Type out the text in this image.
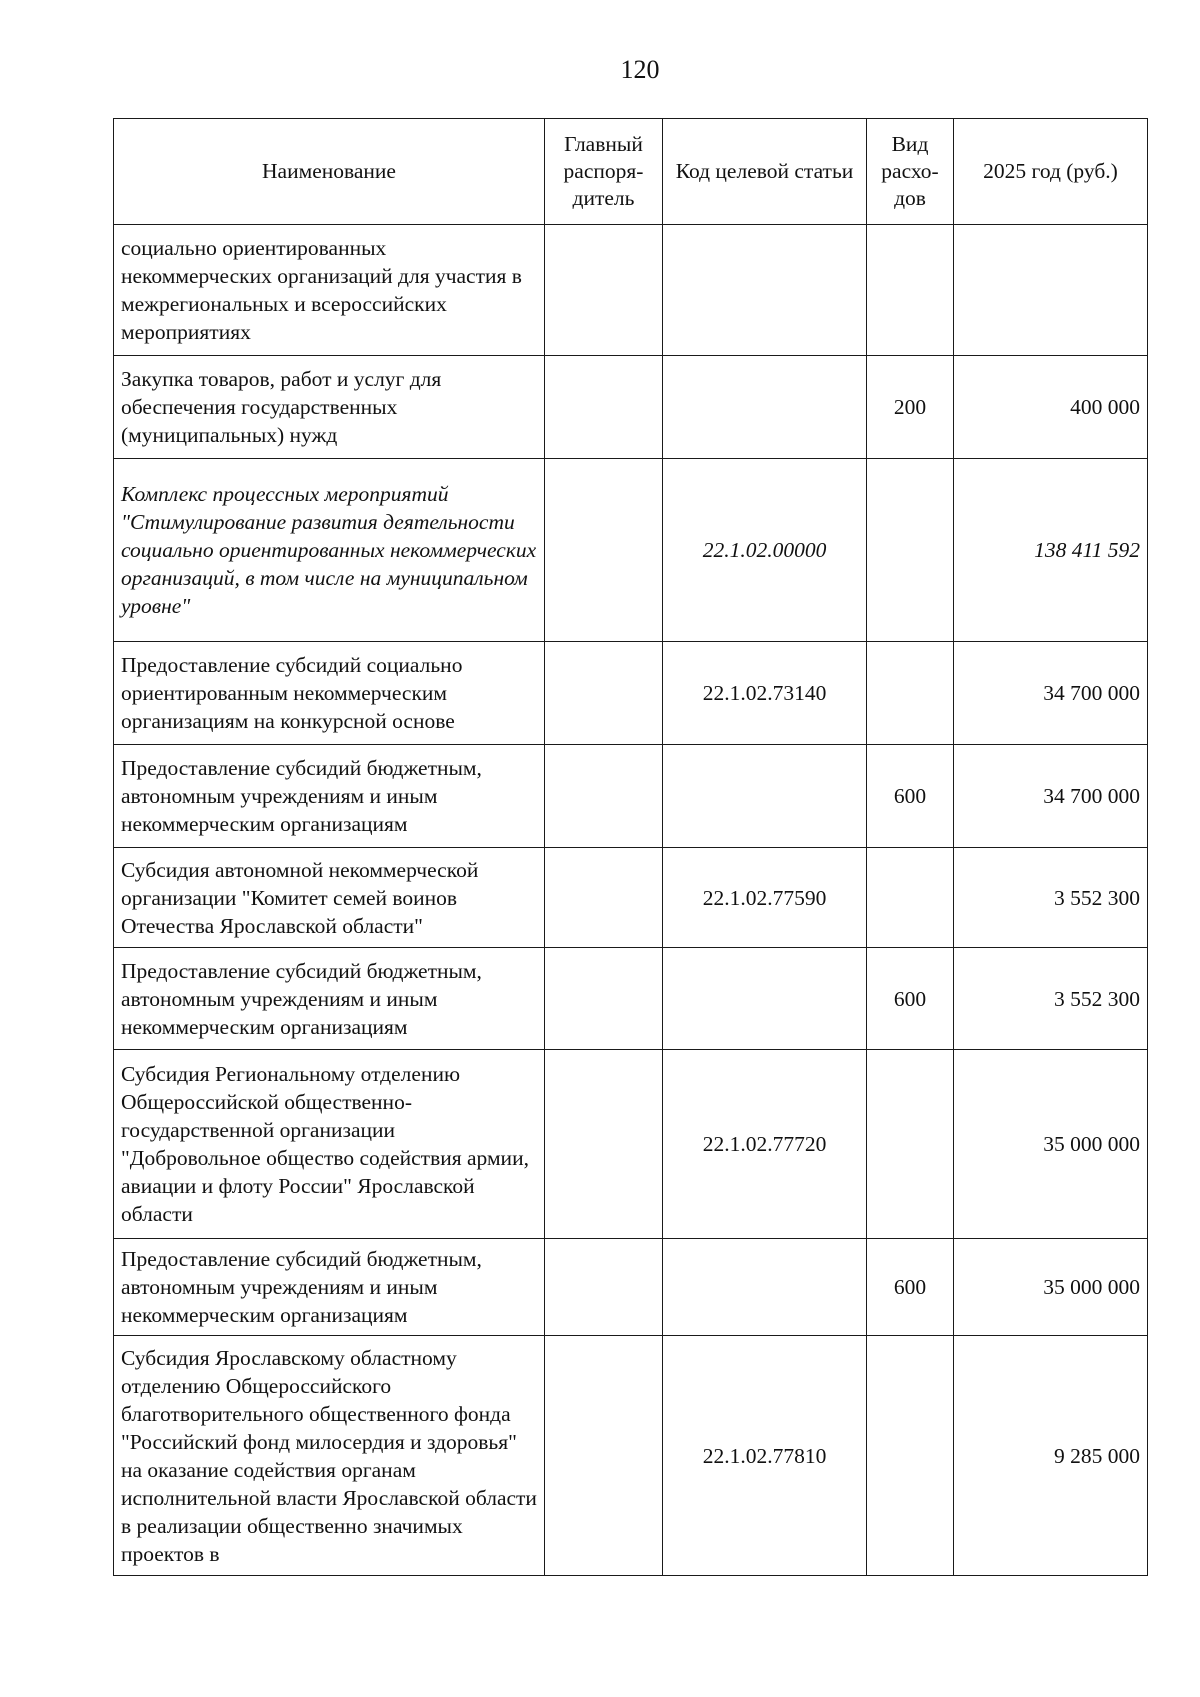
120
Наименование	Главный распоря- дитель	Код целевой статьи	Вид расхо- дов	2025 год (руб.)
социально ориентированных некоммерческих организаций для участия в межрегиональных и всероссийских мероприятиях				
Закупка товаров, работ и услуг для обеспечения государственных (муниципальных) нужд			200	400 000
Комплекс процессных мероприятий "Стимулирование развития деятельности социально ориентированных некоммерческих организаций, в том числе на муниципальном уровне"		22.1.02.00000		138 411 592
Предоставление субсидий социально ориентированным некоммерческим организациям на конкурсной основе		22.1.02.73140		34 700 000
Предоставление субсидий бюджетным, автономным учреждениям и иным некоммерческим организациям			600	34 700 000
Субсидия автономной некоммерческой организации "Комитет семей воинов Отечества Ярославской области"		22.1.02.77590		3 552 300
Предоставление субсидий бюджетным, автономным учреждениям и иным некоммерческим организациям			600	3 552 300
Субсидия Региональному отделению Общероссийской общественно-государственной организации "Добровольное общество содействия армии, авиации и флоту России" Ярославской области		22.1.02.77720		35 000 000
Предоставление субсидий бюджетным, автономным учреждениям и иным некоммерческим организациям			600	35 000 000
Субсидия Ярославскому областному отделению Общероссийского благотворительного общественного фонда "Российский фонд милосердия и здоровья" на оказание содействия органам исполнительной власти Ярославской области в реализации общественно значимых проектов в		22.1.02.77810		9 285 000
